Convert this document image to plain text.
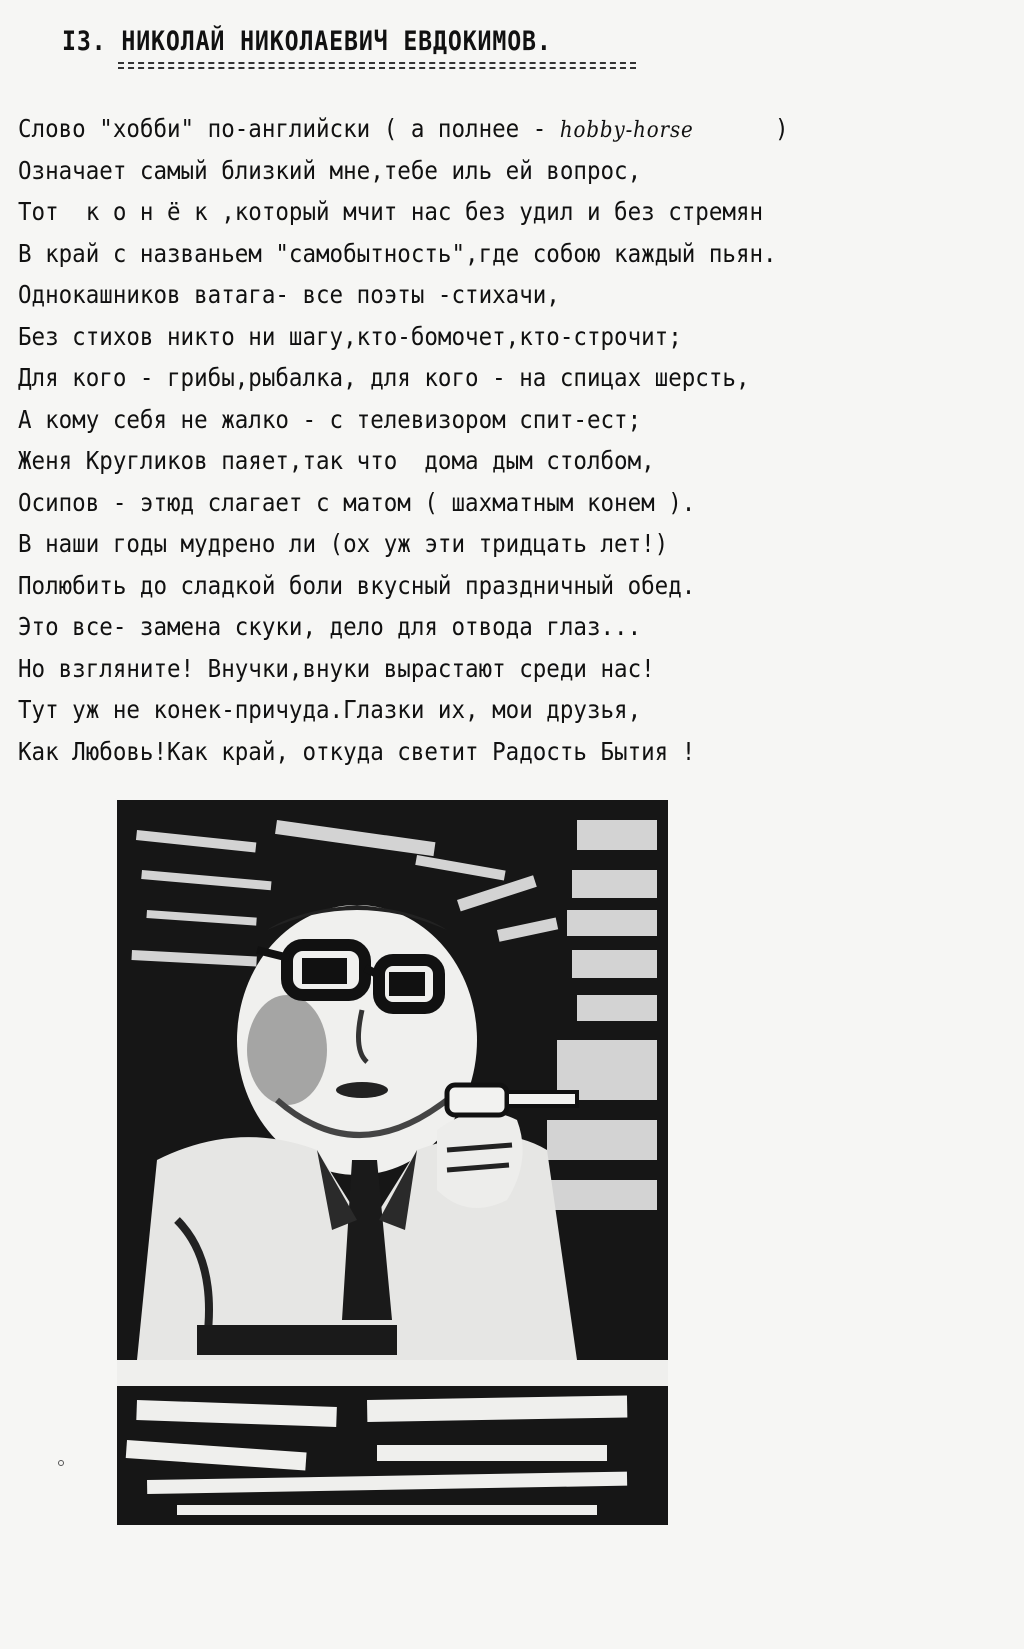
I3. НИКОЛАЙ НИКОЛАЕВИЧ ЕВДОКИМОВ.
Слово "хобби" по-английски ( а полнее - hobby-horse      )
Означает самый близкий мне,тебе иль ей вопрос,
Тот  к о н ё к ,который мчит нас без удил и без стремян
В край с названьем "самобытность",где собою каждый пьян.
Однокашников ватага- все поэты -стихачи,
Без стихов никто ни шагу,кто-бомочет,кто-строчит;
Для кого - грибы,рыбалка, для кого - на спицах шерсть,
А кому себя не жалко - с телевизором спит-ест;
Женя Кругликов паяет,так что  дома дым столбом,
Осипов - этюд слагает с матом ( шахматным конем ).
В наши годы мудрено ли (ох уж эти тридцать лет!)
Полюбить до сладкой боли вкусный праздничный обед.
Это все- замена скуки, дело для отвода глаз...
Но взгляните! Внучки,внуки вырастают среди нас!
Тут уж не конек-причуда.Глазки их, мои друзья,
Как Любовь!Как край, откуда светит Радость Бытия !
